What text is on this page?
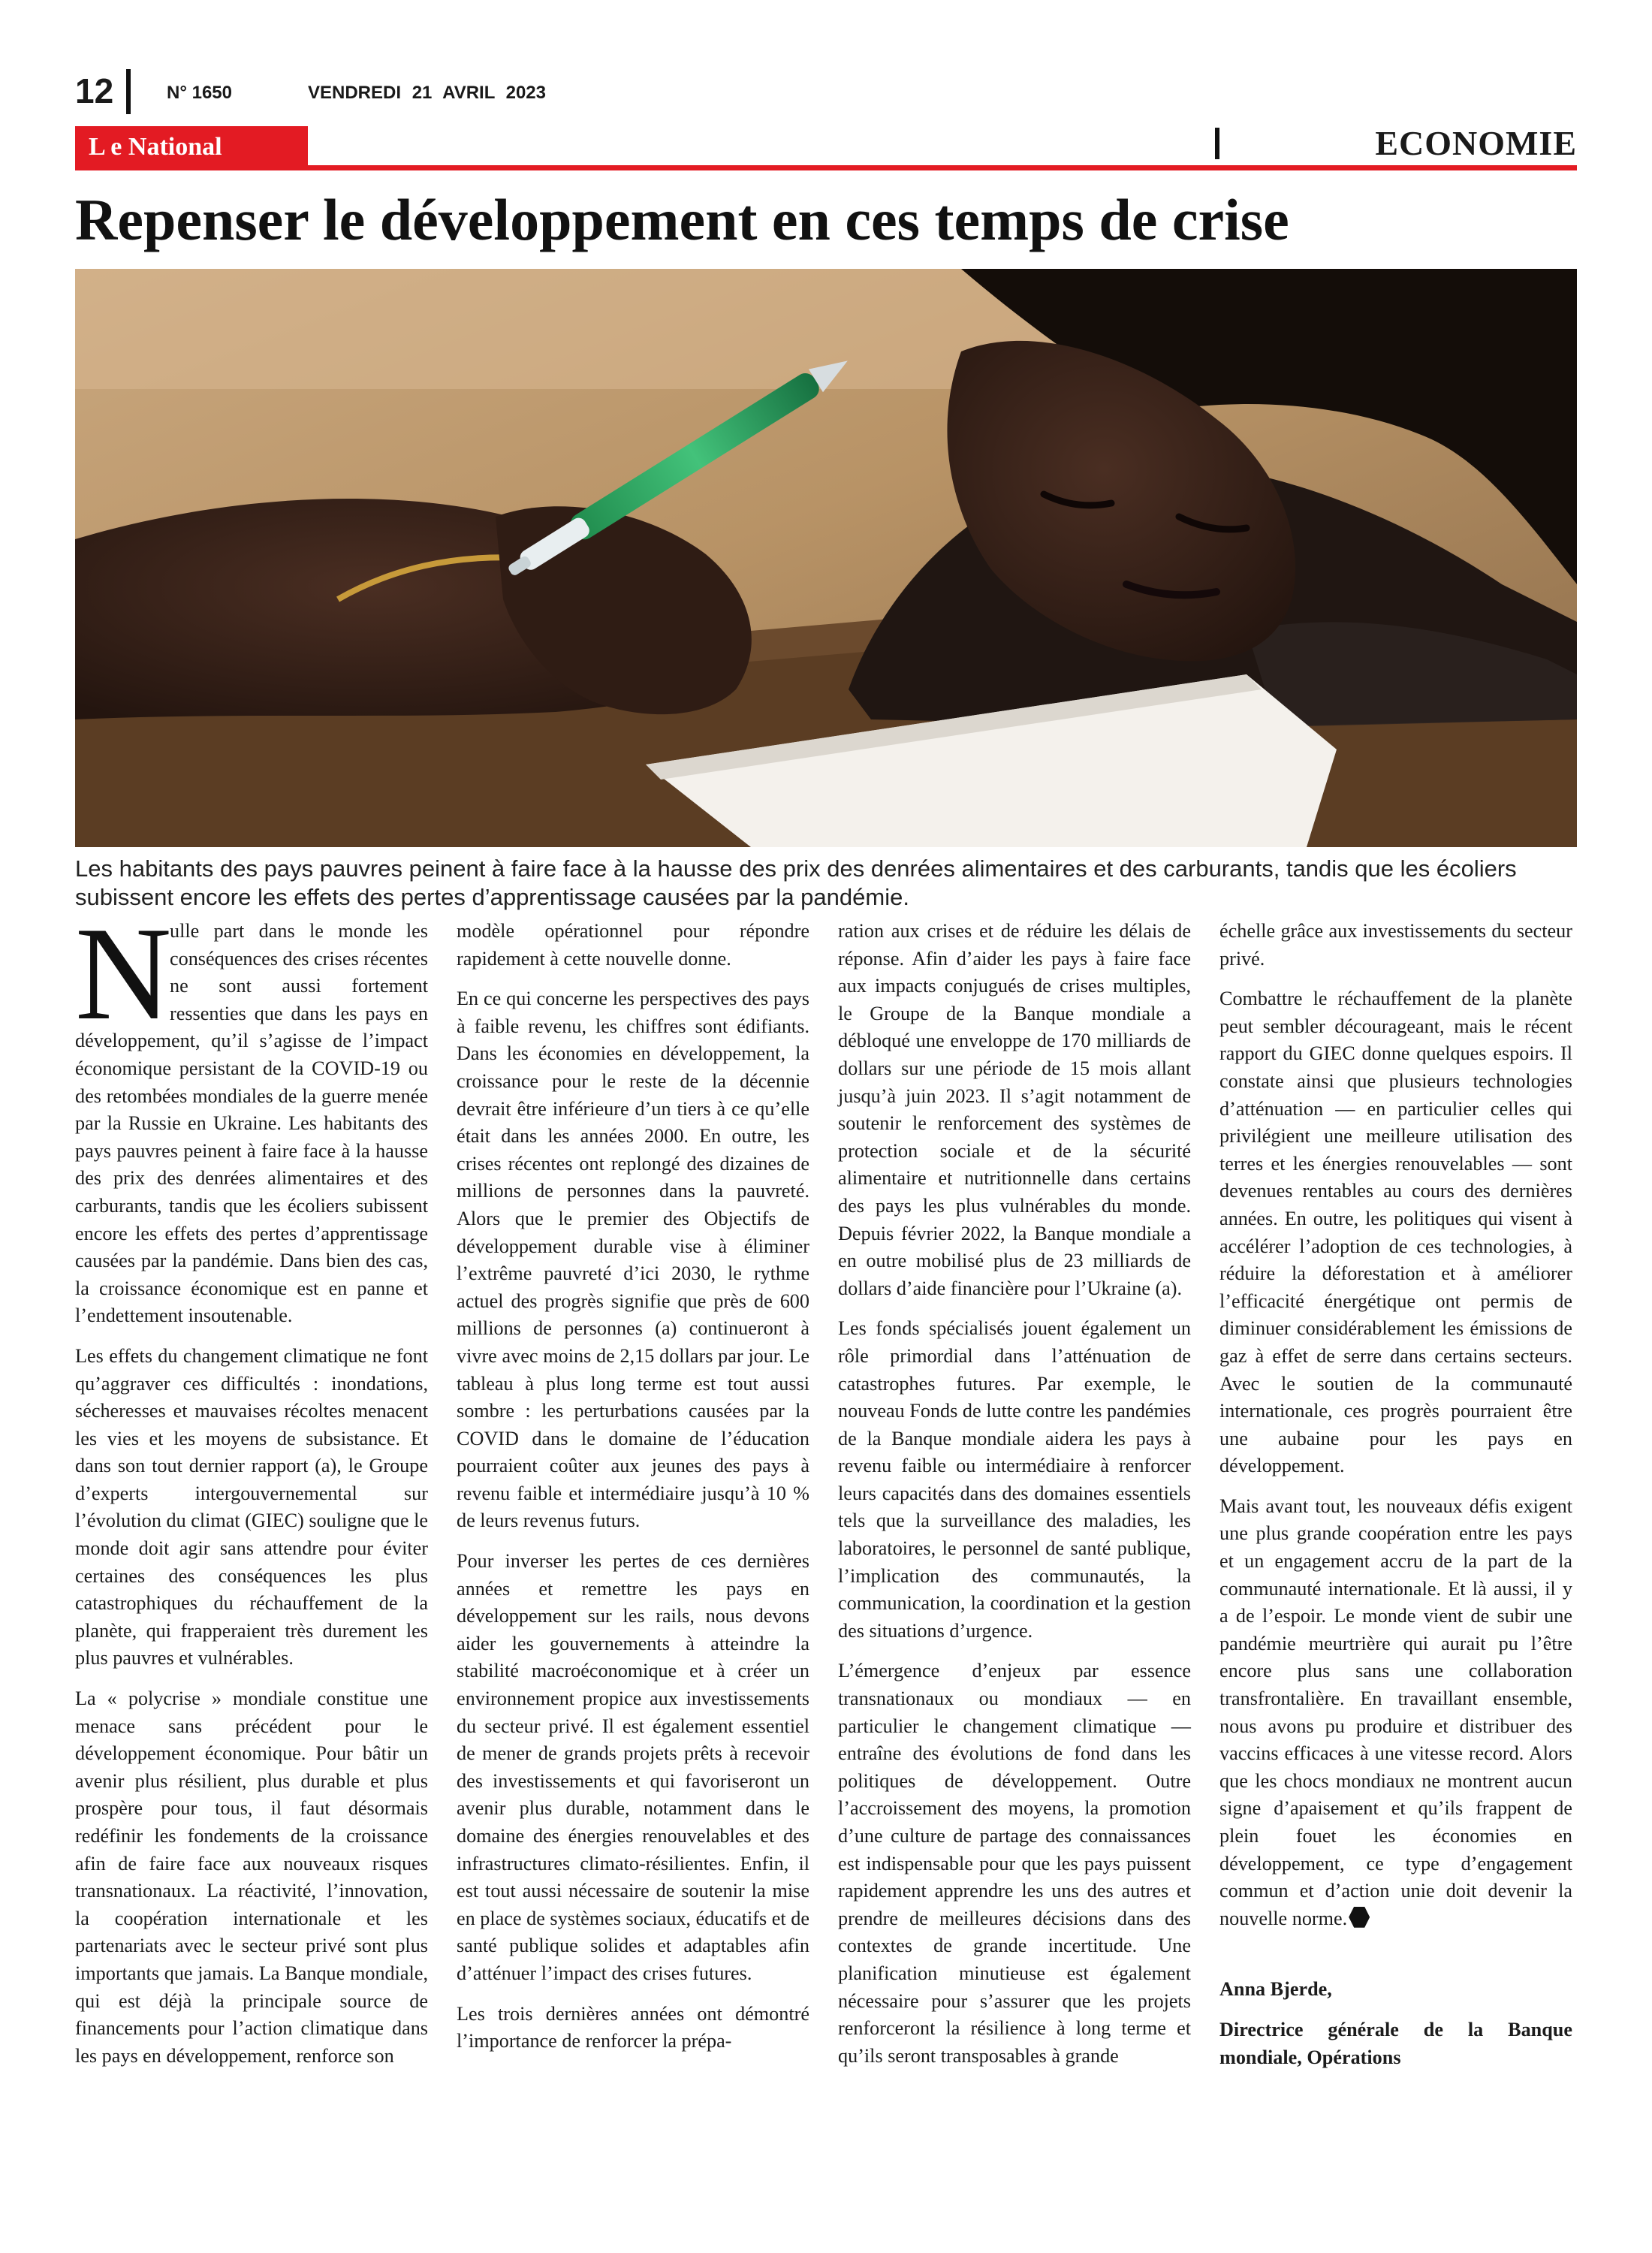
12	N° 1650	VENDREDI 21 AVRIL 2023
L e National	ECONOMIE
Repenser le développement en ces temps de crise
Les habitants des pays pauvres peinent à faire face à la hausse des prix des denrées alimentaires et des carburants, tandis que les écoliers subissent encore les effets des pertes d’apprentissage causées par la pandémie.

N
ulle part dans le monde les conséquences des crises récentes ne sont aussi fortement ressenties que dans les pays en développement, qu’il s’agisse de l’impact économique persistant de la COVID-19 ou des retombées mondiales de la guerre menée par la Russie en Ukraine. Les habitants des pays pauvres peinent à faire face à la hausse des prix des denrées alimentaires et des carburants, tandis que les écoliers subissent encore les effets des pertes d’apprentissage causées par la pandémie. Dans bien des cas, la croissance économique est en panne et l’endettement insoutenable.

Les effets du changement climatique ne font qu’aggraver ces difficultés : inondations, sécheresses et mauvaises récoltes menacent les vies et les moyens de subsistance. Et dans son tout dernier rapport (a), le Groupe d’experts intergouvernemental sur l’évolution du climat (GIEC) souligne que le monde doit agir sans attendre pour éviter certaines des conséquences les plus catastrophiques du réchauffement de la planète, qui frapperaient très durement les plus pauvres et vulnérables.

La « polycrise » mondiale constitue une menace sans précédent pour le développement économique. Pour bâtir un avenir plus résilient, plus durable et plus prospère pour tous, il faut désormais redéfinir les fondements de la croissance afin de faire face aux nouveaux risques transnationaux. La réactivité, l’innovation, la coopération internationale et les partenariats avec le secteur privé sont plus importants que jamais. La Banque mondiale, qui est déjà la principale source de financements pour l’action climatique dans les pays en développement, renforce son

modèle opérationnel pour répondre rapidement à cette nouvelle donne.

En ce qui concerne les perspectives des pays à faible revenu, les chiffres sont édifiants. Dans les économies en développement, la croissance pour le reste de la décennie devrait être inférieure d’un tiers à ce qu’elle était dans les années 2000. En outre, les crises récentes ont replongé des dizaines de millions de personnes dans la pauvreté. Alors que le premier des Objectifs de développement durable vise à éliminer l’extrême pauvreté d’ici 2030, le rythme actuel des progrès signifie que près de 600 millions de personnes (a) continueront à vivre avec moins de 2,15 dollars par jour. Le tableau à plus long terme est tout aussi sombre : les perturbations causées par la COVID dans le domaine de l’éducation pourraient coûter aux jeunes des pays à revenu faible et intermédiaire jusqu’à 10 % de leurs revenus futurs.

Pour inverser les pertes de ces dernières années et remettre les pays en développement sur les rails, nous devons aider les gouvernements à atteindre la stabilité macroéconomique et à créer un environnement propice aux investissements du secteur privé. Il est également essentiel de mener de grands projets prêts à recevoir des investissements et qui favoriseront un avenir plus durable, notamment dans le domaine des énergies renouvelables et des infrastructures climato-résilientes. Enfin, il est tout aussi nécessaire de soutenir la mise en place de systèmes sociaux, éducatifs et de santé publique solides et adaptables afin d’atténuer l’impact des crises futures.

Les trois dernières années ont démontré l’importance de renforcer la prépa-

ration aux crises et de réduire les délais de réponse. Afin d’aider les pays à faire face aux impacts conjugués de crises multiples, le Groupe de la Banque mondiale a débloqué une enveloppe de 170 milliards de dollars sur une période de 15 mois allant jusqu’à juin 2023. Il s’agit notamment de soutenir le renforcement des systèmes de protection sociale et de la sécurité alimentaire et nutritionnelle dans certains des pays les plus vulnérables du monde. Depuis février 2022, la Banque mondiale a en outre mobilisé plus de 23 milliards de dollars d’aide financière pour l’Ukraine (a).

Les fonds spécialisés jouent également un rôle primordial dans l’atténuation de catastrophes futures. Par exemple, le nouveau Fonds de lutte contre les pandémies de la Banque mondiale aidera les pays à revenu faible ou intermédiaire à renforcer leurs capacités dans des domaines essentiels tels que la surveillance des maladies, les laboratoires, le personnel de santé publique, l’implication des communautés, la communication, la coordination et la gestion des situations d’urgence.

L’émergence d’enjeux par essence transnationaux ou mondiaux — en particulier le changement climatique — entraîne des évolutions de fond dans les politiques de développement. Outre l’accroissement des moyens, la promotion d’une culture de partage des connaissances est indispensable pour que les pays puissent rapidement apprendre les uns des autres et prendre de meilleures décisions dans des contextes de grande incertitude. Une planification minutieuse est également nécessaire pour s’assurer que les projets renforceront la résilience à long terme et qu’ils seront transposables à grande

échelle grâce aux investissements du secteur privé.

Combattre le réchauffement de la planète peut sembler décourageant, mais le récent rapport du GIEC donne quelques espoirs. Il constate ainsi que plusieurs technologies d’atténuation — en particulier celles qui privilégient une meilleure utilisation des terres et les énergies renouvelables — sont devenues rentables au cours des dernières années. En outre, les politiques qui visent à accélérer l’adoption de ces technologies, à réduire la déforestation et à améliorer l’efficacité énergétique ont permis de diminuer considérablement les émissions de gaz à effet de serre dans certains secteurs. Avec le soutien de la communauté internationale, ces progrès pourraient être une aubaine pour les pays en développement.

Mais avant tout, les nouveaux défis exigent une plus grande coopération entre les pays et un engagement accru de la part de la communauté internationale. Et là aussi, il y a de l’espoir. Le monde vient de subir une pandémie meurtrière qui aurait pu l’être encore plus sans une collaboration transfrontalière. En travaillant ensemble, nous avons pu produire et distribuer des vaccins efficaces à une vitesse record. Alors que les chocs mondiaux ne montrent aucun signe d’apaisement et qu’ils frappent de plein fouet les économies en développement, ce type d’engagement commun et d’action unie doit devenir la nouvelle norme.

Anna Bjerde,

Directrice générale de la Banque mondiale, Opérations
